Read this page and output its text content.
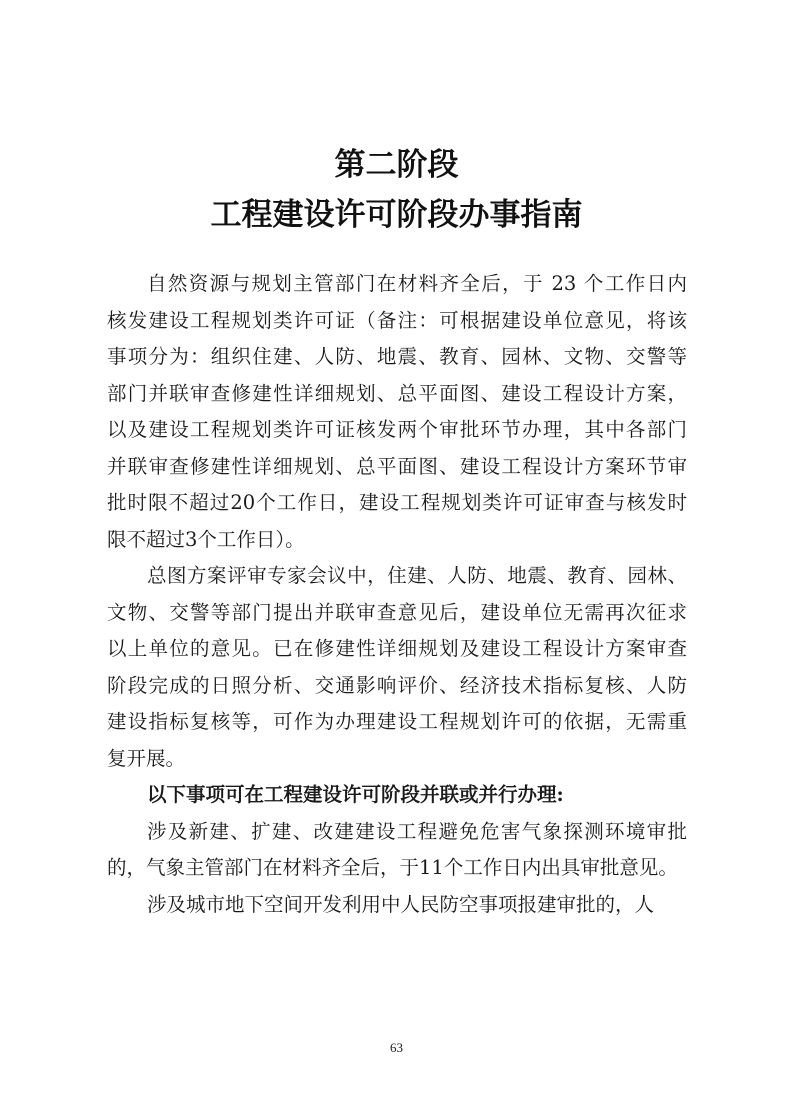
第二阶段
工程建设许可阶段办事指南
自然资源与规划主管部门在材料齐全后，于 23 个工作日内
核发建设工程规划类许可证（备注：可根据建设单位意见，将该
事项分为：组织住建、人防、地震、教育、园林、文物、交警等
部门并联审查修建性详细规划、总平面图、建设工程设计方案，
以及建设工程规划类许可证核发两个审批环节办理，其中各部门
并联审查修建性详细规划、总平面图、建设工程设计方案环节审
批时限不超过20个工作日，建设工程规划类许可证审查与核发时
限不超过3个工作日）。
总图方案评审专家会议中，住建、人防、地震、教育、园林、
文物、交警等部门提出并联审查意见后，建设单位无需再次征求
以上单位的意见。已在修建性详细规划及建设工程设计方案审查
阶段完成的日照分析、交通影响评价、经济技术指标复核、人防
建设指标复核等，可作为办理建设工程规划许可的依据，无需重
复开展。
以下事项可在工程建设许可阶段并联或并行办理:
涉及新建、扩建、改建建设工程避免危害气象探测环境审批
的，气象主管部门在材料齐全后，于11个工作日内出具审批意见。
涉及城市地下空间开发利用中人民防空事项报建审批的，人
63
